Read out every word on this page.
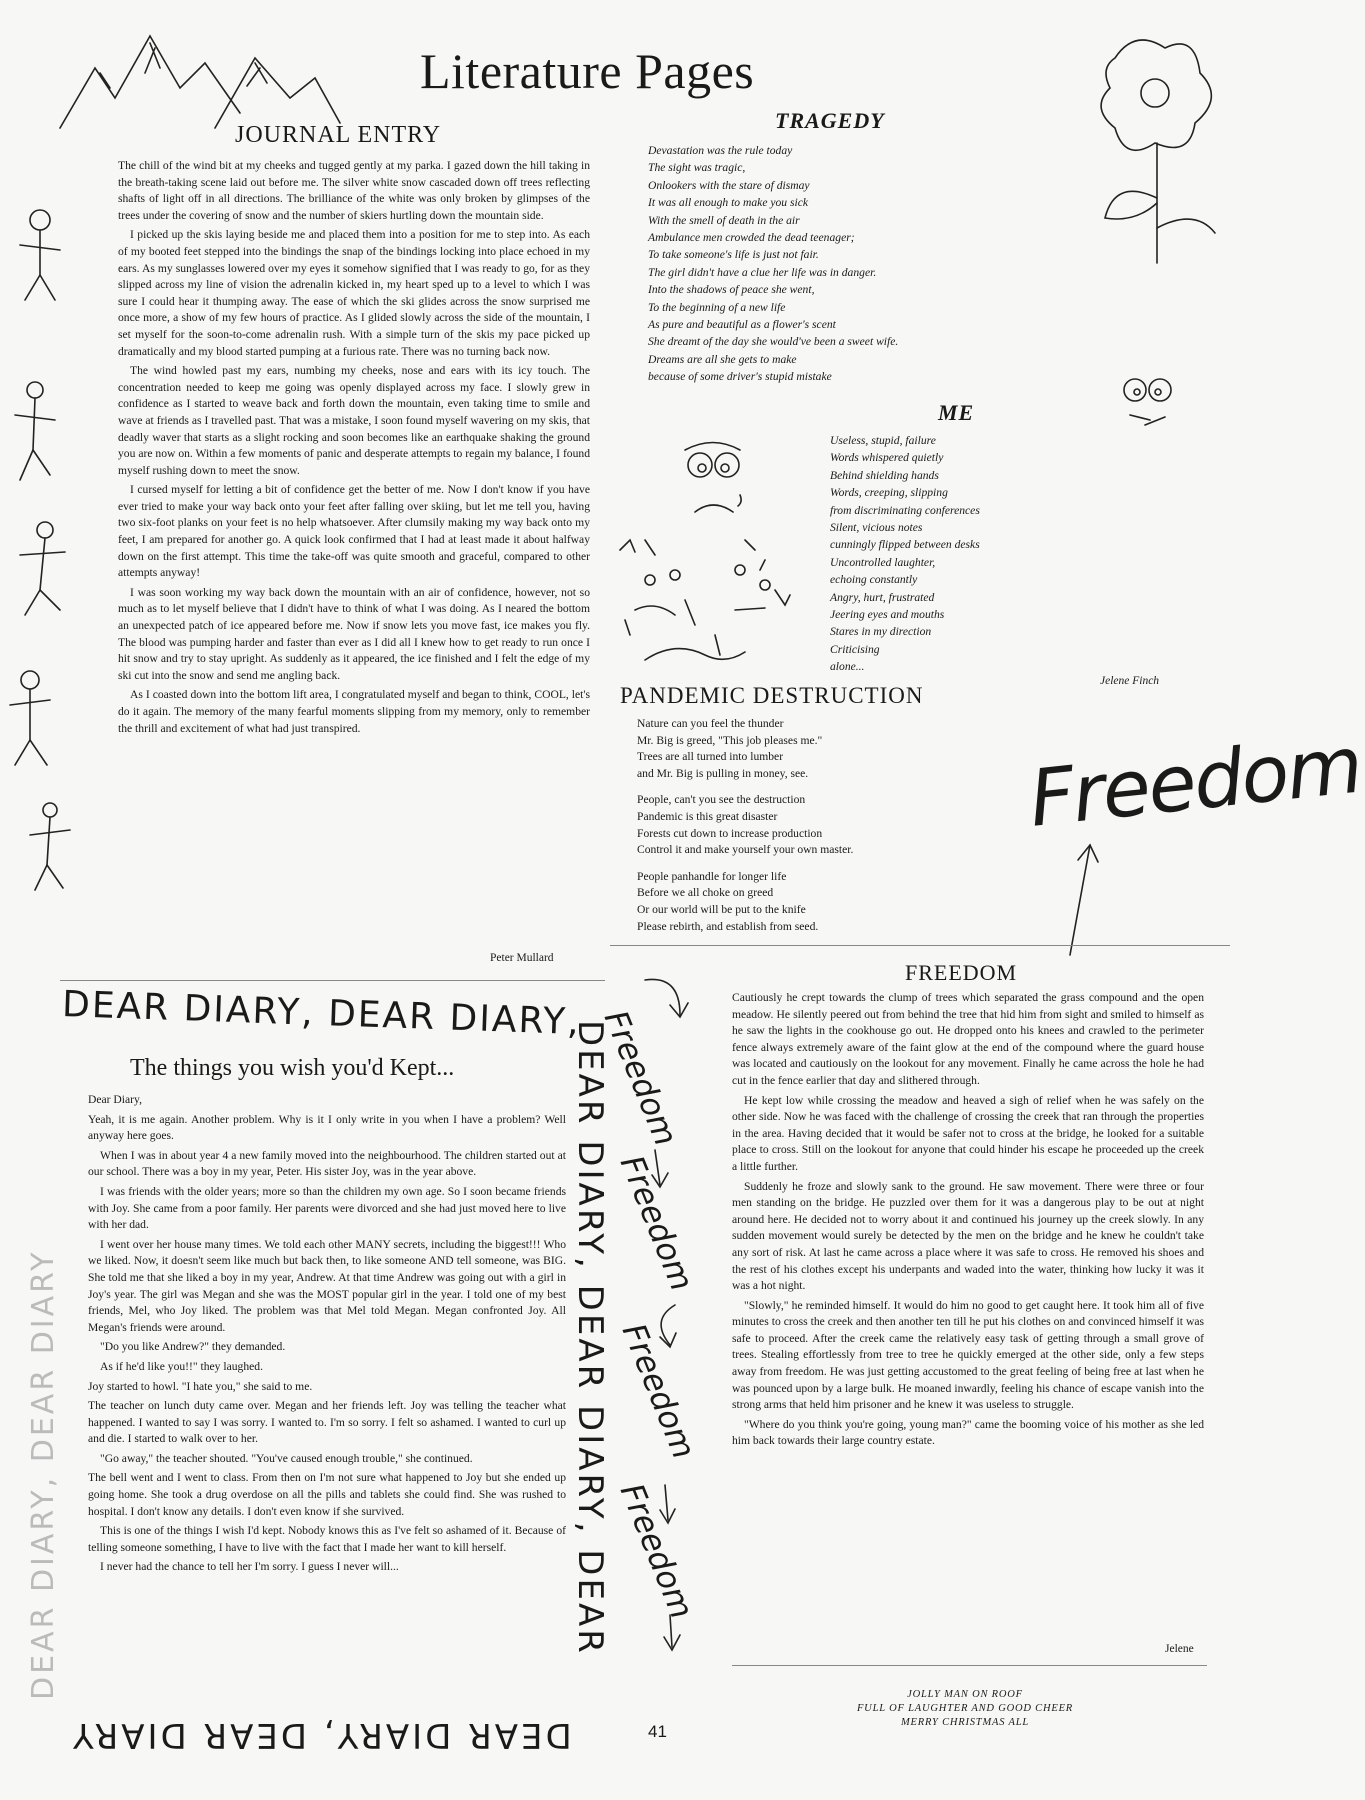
Literature Pages
JOURNAL ENTRY

The chill of the wind bit at my cheeks and tugged gently at my parka. I gazed down the hill taking in the breath-taking scene laid out before me. The silver white snow cascaded down off trees reflecting shafts of light off in all directions. The brilliance of the white was only broken by glimpses of the trees under the covering of snow and the number of skiers hurtling down the mountain side.

I picked up the skis laying beside me and placed them into a position for me to step into. As each of my booted feet stepped into the bindings the snap of the bindings locking into place echoed in my ears. As my sunglasses lowered over my eyes it somehow signified that I was ready to go, for as they slipped across my line of vision the adrenalin kicked in, my heart sped up to a level to which I was sure I could hear it thumping away. The ease of which the ski glides across the snow surprised me once more, a show of my few hours of practice. As I glided slowly across the side of the mountain, I set myself for the soon-to-come adrenalin rush. With a simple turn of the skis my pace picked up dramatically and my blood started pumping at a furious rate. There was no turning back now.

The wind howled past my ears, numbing my cheeks, nose and ears with its icy touch. The concentration needed to keep me going was openly displayed across my face. I slowly grew in confidence as I started to weave back and forth down the mountain, even taking time to smile and wave at friends as I travelled past. That was a mistake, I soon found myself wavering on my skis, that deadly waver that starts as a slight rocking and soon becomes like an earthquake shaking the ground you are now on. Within a few moments of panic and desperate attempts to regain my balance, I found myself rushing down to meet the snow.

I cursed myself for letting a bit of confidence get the better of me. Now I don't know if you have ever tried to make your way back onto your feet after falling over skiing, but let me tell you, having two six-foot planks on your feet is no help whatsoever. After clumsily making my way back onto my feet, I am prepared for another go. A quick look confirmed that I had at least made it about halfway down on the first attempt. This time the take-off was quite smooth and graceful, compared to other attempts anyway!

I was soon working my way back down the mountain with an air of confidence, however, not so much as to let myself believe that I didn't have to think of what I was doing. As I neared the bottom an unexpected patch of ice appeared before me. Now if snow lets you move fast, ice makes you fly. The blood was pumping harder and faster than ever as I did all I knew how to get ready to run once I hit snow and try to stay upright. As suddenly as it appeared, the ice finished and I felt the edge of my ski cut into the snow and send me angling back.

As I coasted down into the bottom lift area, I congratulated myself and began to think, COOL, let's do it again. The memory of the many fearful moments slipping from my memory, only to remember the thrill and excitement of what had just transpired.

Peter Mullard
TRAGEDY
Devastation was the rule today
The sight was tragic,
Onlookers with the stare of dismay
It was all enough to make you sick
With the smell of death in the air
Ambulance men crowded the dead teenager;
To take someone's life is just not fair.
The girl didn't have a clue her life was in danger.
Into the shadows of peace she went,
To the beginning of a new life
As pure and beautiful as a flower's scent
She dreamt of the day she would've been a sweet wife.
Dreams are all she gets to make
because of some driver's stupid mistake
ME
Useless, stupid, failure
Words whispered quietly
Behind shielding hands
Words, creeping, slipping
from discriminating conferences
Silent, vicious notes
cunningly flipped between desks
Uncontrolled laughter,
echoing constantly
Angry, hurt, frustrated
Jeering eyes and mouths
Stares in my direction
Criticising
alone...
Jelene Finch
PANDEMIC DESTRUCTION
Nature can you feel the thunder
Mr. Big is greed, "This job pleases me."
Trees are all turned into lumber
and Mr. Big is pulling in money, see.
People, can't you see the destruction
Pandemic is this great disaster
Forests cut down to increase production
Control it and make yourself your own master.
People panhandle for longer life
Before we all choke on greed
Or our world will be put to the knife
Please rebirth, and establish from seed.
Freedom
FREEDOM

Cautiously he crept towards the clump of trees which separated the grass compound and the open meadow. He silently peered out from behind the tree that hid him from sight and smiled to himself as he saw the lights in the cookhouse go out. He dropped onto his knees and crawled to the perimeter fence always extremely aware of the faint glow at the end of the compound where the guard house was located and cautiously on the lookout for any movement. Finally he came across the hole he had cut in the fence earlier that day and slithered through.

He kept low while crossing the meadow and heaved a sigh of relief when he was safely on the other side. Now he was faced with the challenge of crossing the creek that ran through the properties in the area. Having decided that it would be safer not to cross at the bridge, he looked for a suitable place to cross. Still on the lookout for anyone that could hinder his escape he proceeded up the creek a little further.

Suddenly he froze and slowly sank to the ground. He saw movement. There were three or four men standing on the bridge. He puzzled over them for it was a dangerous play to be out at night around here. He decided not to worry about it and continued his journey up the creek slowly. In any sudden movement would surely be detected by the men on the bridge and he knew he couldn't take any sort of risk. At last he came across a place where it was safe to cross. He removed his shoes and the rest of his clothes except his underpants and waded into the water, thinking how lucky it was it was a hot night.

"Slowly," he reminded himself. It would do him no good to get caught here. It took him all of five minutes to cross the creek and then another ten till he put his clothes on and convinced himself it was safe to proceed. After the creek came the relatively easy task of getting through a small grove of trees. Stealing effortlessly from tree to tree he quickly emerged at the other side, only a few steps away from freedom. He was just getting accustomed to the great feeling of being free at last when he was pounced upon by a large bulk. He moaned inwardly, feeling his chance of escape vanish into the strong arms that held him prisoner and he knew it was useless to struggle.

"Where do you think you're going, young man?" came the booming voice of his mother as she led him back towards their large country estate.

Jelene
Freedom
Freedom
Freedom
Freedom
DEAR DIARY, DEAR DIARY,
DEAR DIARY, DEAR DIARY, DEAR
DEAR DIARY, DEAR DIARY
DEAR DIARY, DEAR DIARY
The things you wish you'd Kept...

Dear Diary,

Yeah, it is me again. Another problem. Why is it I only write in you when I have a problem? Well anyway here goes.

When I was in about year 4 a new family moved into the neighbourhood. The children started out at our school. There was a boy in my year, Peter. His sister Joy, was in the year above.

I was friends with the older years; more so than the children my own age. So I soon became friends with Joy. She came from a poor family. Her parents were divorced and she had just moved here to live with her dad.

I went over her house many times. We told each other MANY secrets, including the biggest!!! Who we liked. Now, it doesn't seem like much but back then, to like someone AND tell someone, was BIG. She told me that she liked a boy in my year, Andrew. At that time Andrew was going out with a girl in Joy's year. The girl was Megan and she was the MOST popular girl in the year. I told one of my best friends, Mel, who Joy liked. The problem was that Mel told Megan. Megan confronted Joy. All Megan's friends were around.

"Do you like Andrew?" they demanded.

As if he'd like you!!" they laughed.

Joy started to howl. "I hate you," she said to me.

The teacher on lunch duty came over. Megan and her friends left. Joy was telling the teacher what happened. I wanted to say I was sorry. I wanted to. I'm so sorry. I felt so ashamed. I wanted to curl up and die. I started to walk over to her.

"Go away," the teacher shouted. "You've caused enough trouble," she continued.

The bell went and I went to class. From then on I'm not sure what happened to Joy but she ended up going home. She took a drug overdose on all the pills and tablets she could find. She was rushed to hospital. I don't know any details. I don't even know if she survived.

This is one of the things I wish I'd kept. Nobody knows this as I've felt so ashamed of it. Because of telling someone something, I have to live with the fact that I made her want to kill herself.

I never had the chance to tell her I'm sorry. I guess I never will...

41
JOLLY MAN ON ROOF
FULL OF LAUGHTER AND GOOD CHEER
MERRY CHRISTMAS ALL
